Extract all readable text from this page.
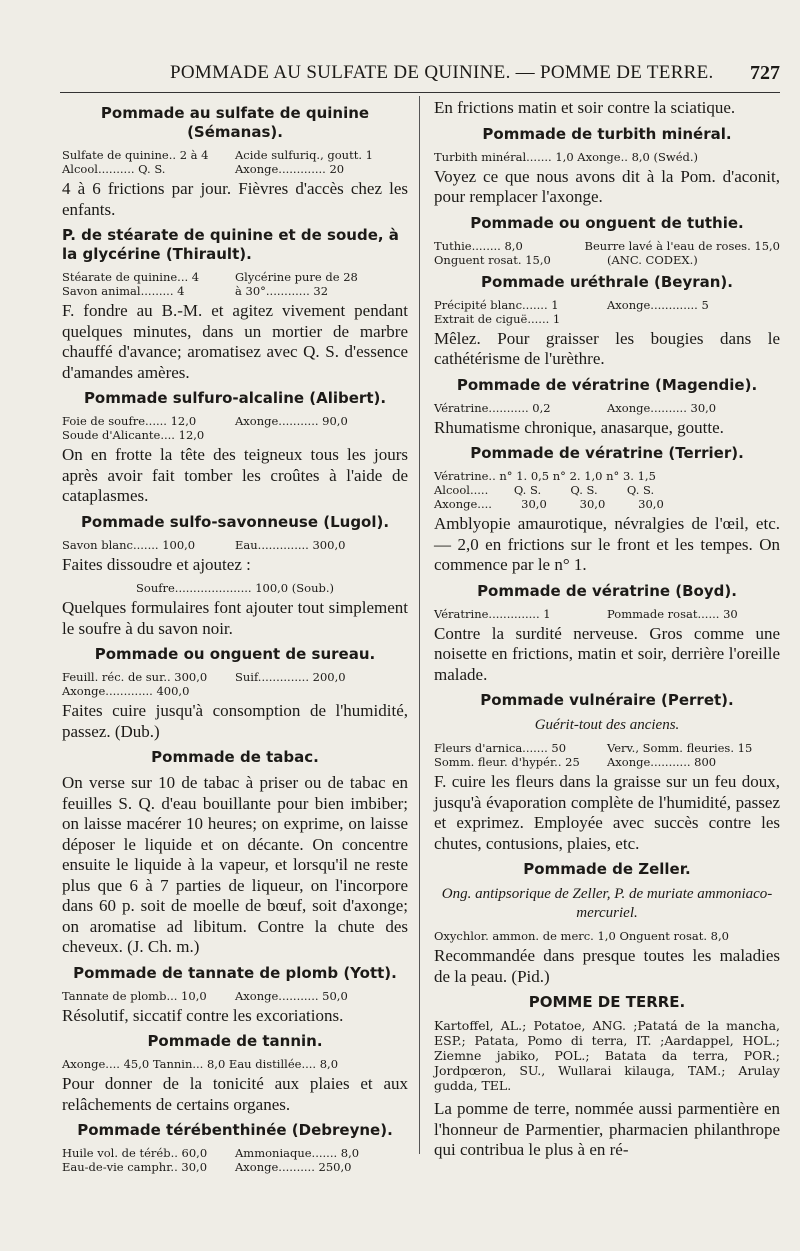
POMMADE AU SULFATE DE QUININE. — POMME DE TERRE. 727
Pommade au sulfate de quinine (Sémanas).
Sulfate de quinine.. 2 à 4	Acide sulfuriq., goutt. 1
Alcool.......... Q. S.	Axonge............. 20
4 à 6 frictions par jour. Fièvres d'accès chez les enfants.
P. de stéarate de quinine et de soude, à la glycérine (Thirault).
Stéarate de quinine... 4	Glycérine pure de 28
Savon animal......... 4	à 30°............ 32
F. fondre au B.-M. et agitez vivement pendant quelques minutes, dans un mortier de marbre chauffé d'avance; aromatisez avec Q. S. d'essence d'amandes amères.
Pommade sulfuro-alcaline (Alibert).
Foie de soufre...... 12,0	Axonge........... 90,0
Soude d'Alicante.... 12,0
On en frotte la tête des teigneux tous les jours après avoir fait tomber les croûtes à l'aide de cataplasmes.
Pommade sulfo-savonneuse (Lugol).
Savon blanc....... 100,0	Eau.............. 300,0
Faites dissoudre et ajoutez :
Soufre..................... 100,0 (Soub.)
Quelques formulaires font ajouter tout simplement le soufre à du savon noir.
Pommade ou onguent de sureau.
Feuill. réc. de sur.. 300,0	Suif.............. 200,0
Axonge............. 400,0
Faites cuire jusqu'à consomption de l'humidité, passez. (Dub.)
Pommade de tabac.
On verse sur 10 de tabac à priser ou de tabac en feuilles S. Q. d'eau bouillante pour bien imbiber; on laisse macérer 10 heures; on exprime, on laisse déposer le liquide et on décante. On concentre ensuite le liquide à la vapeur, et lorsqu'il ne reste plus que 6 à 7 parties de liqueur, on l'incorpore dans 60 p. soit de moelle de bœuf, soit d'axonge; on aromatise ad libitum. Contre la chute des cheveux. (J. Ch. m.)
Pommade de tannate de plomb (Yott).
Tannate de plomb... 10,0	Axonge........... 50,0
Résolutif, siccatif contre les excoriations.
Pommade de tannin.
Axonge.... 45,0 Tannin... 8,0 Eau distillée.... 8,0
Pour donner de la tonicité aux plaies et aux relâchements de certains organes.
Pommade térébenthinée (Debreyne).
Huile vol. de téréb.. 60,0	Ammoniaque....... 8,0
Eau-de-vie camphr.. 30,0	Axonge.......... 250,0
En frictions matin et soir contre la sciatique.
Pommade de turbith minéral.
Turbith minéral....... 1,0 Axonge.. 8,0 (Swéd.)
Voyez ce que nous avons dit à la Pom. d'aconit, pour remplacer l'axonge.
Pommade ou onguent de tuthie.
Tuthie........ 8,0	Beurre lavé à l'eau de roses. 15,0
Onguent rosat. 15,0	(ANC. CODEX.)
Pommade uréthrale (Beyran).
Précipité blanc....... 1	Axonge............. 5
Extrait de ciguë...... 1
Mêlez. Pour graisser les bougies dans le cathétérisme de l'urèthre.
Pommade de vératrine (Magendie).
Vératrine........... 0,2	Axonge.......... 30,0
Rhumatisme chronique, anasarque, goutte.
Pommade de vératrine (Terrier).
Vératrine.. n° 1. 0,5 n° 2. 1,0 n° 3. 1,5
Alcool.....       Q. S.        Q. S.        Q. S.
Axonge....        30,0         30,0         30,0
Amblyopie amaurotique, névralgies de l'œil, etc. — 2,0 en frictions sur le front et les tempes. On commence par le n° 1.
Pommade de vératrine (Boyd).
Vératrine.............. 1	Pommade rosat...... 30
Contre la surdité nerveuse. Gros comme une noisette en frictions, matin et soir, derrière l'oreille malade.
Pommade vulnéraire (Perret).
Guérit-tout des anciens.
Fleurs d'arnica....... 50	Verv., Somm. fleuries. 15
Somm. fleur. d'hypér.. 25	Axonge........... 800
F. cuire les fleurs dans la graisse sur un feu doux, jusqu'à évaporation complète de l'humidité, passez et exprimez. Employée avec succès contre les chutes, contusions, plaies, etc.
Pommade de Zeller.
Ong. antipsorique de Zeller, P. de muriate ammoniaco-mercuriel.
Oxychlor. ammon. de merc. 1,0 Onguent rosat. 8,0
Recommandée dans presque toutes les maladies de la peau. (Pid.)
POMME DE TERRE.
Kartoffel, AL.; Potatoe, ANG. ;Patatá de la mancha, ESP.; Patata, Pomo di terra, IT. ;Aardappel, HOL.; Ziemne jabiko, POL.; Batata da terra, POR.; Jordpœron, SU., Wullarai kilauga, TAM.; Arulay gudda, TEL.
La pomme de terre, nommée aussi parmentière en l'honneur de Parmentier, pharmacien philanthrope qui contribua le plus à en ré-
